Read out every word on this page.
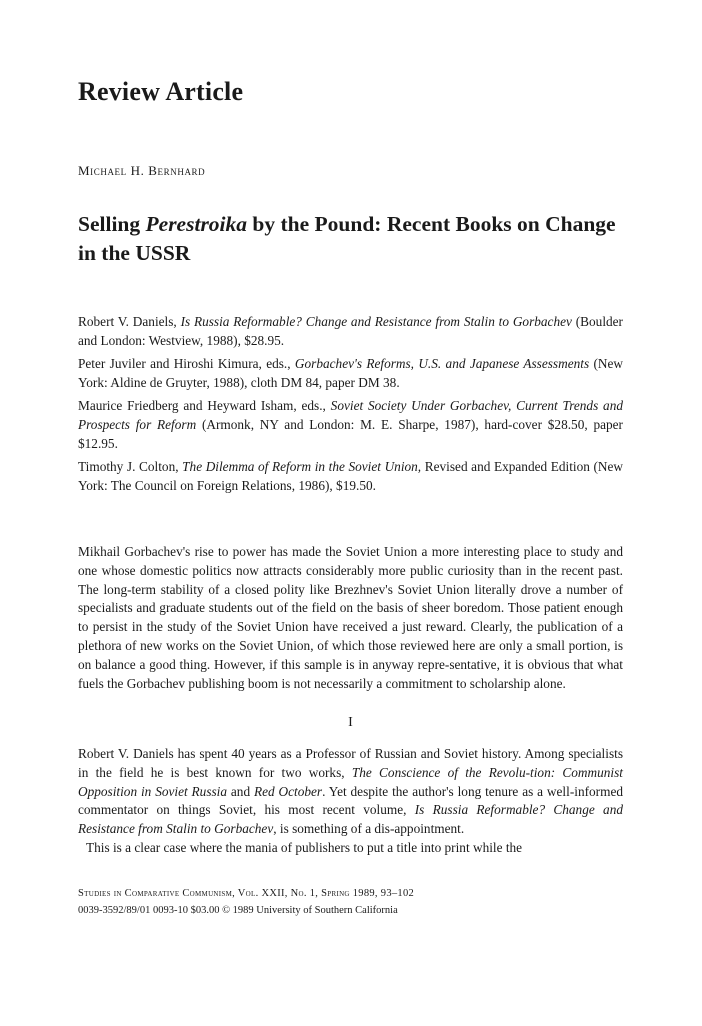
Review Article
Michael H. Bernhard
Selling Perestroika by the Pound: Recent Books on Change in the USSR

Robert V. Daniels, Is Russia Reformable? Change and Resistance from Stalin to Gorbachev (Boulder and London: Westview, 1988), $28.95.

Peter Juviler and Hiroshi Kimura, eds., Gorbachev's Reforms, U.S. and Japanese Assessments (New York: Aldine de Gruyter, 1988), cloth DM 84, paper DM 38.

Maurice Friedberg and Heyward Isham, eds., Soviet Society Under Gorbachev, Current Trends and Prospects for Reform (Armonk, NY and London: M. E. Sharpe, 1987), hard-cover $28.50, paper $12.95.

Timothy J. Colton, The Dilemma of Reform in the Soviet Union, Revised and Expanded Edition (New York: The Council on Foreign Relations, 1986), $19.50.

Mikhail Gorbachev's rise to power has made the Soviet Union a more interesting place to study and one whose domestic politics now attracts considerably more public curiosity than in the recent past. The long-term stability of a closed polity like Brezhnev's Soviet Union literally drove a number of specialists and graduate students out of the field on the basis of sheer boredom. Those patient enough to persist in the study of the Soviet Union have received a just reward. Clearly, the publication of a plethora of new works on the Soviet Union, of which those reviewed here are only a small portion, is on balance a good thing. However, if this sample is in anyway repre-sentative, it is obvious that what fuels the Gorbachev publishing boom is not necessarily a commitment to scholarship alone.

I

Robert V. Daniels has spent 40 years as a Professor of Russian and Soviet history. Among specialists in the field he is best known for two works, The Conscience of the Revolu-tion: Communist Opposition in Soviet Russia and Red October. Yet despite the author's long tenure as a well-informed commentator on things Soviet, his most recent volume, Is Russia Reformable? Change and Resistance from Stalin to Gorbachev, is something of a dis-appointment.

This is a clear case where the mania of publishers to put a title into print while the

Studies in Comparative Communism, Vol. XXII, No. 1, Spring 1989, 93–102
0039-3592/89/01 0093-10 $03.00 © 1989 University of Southern California
